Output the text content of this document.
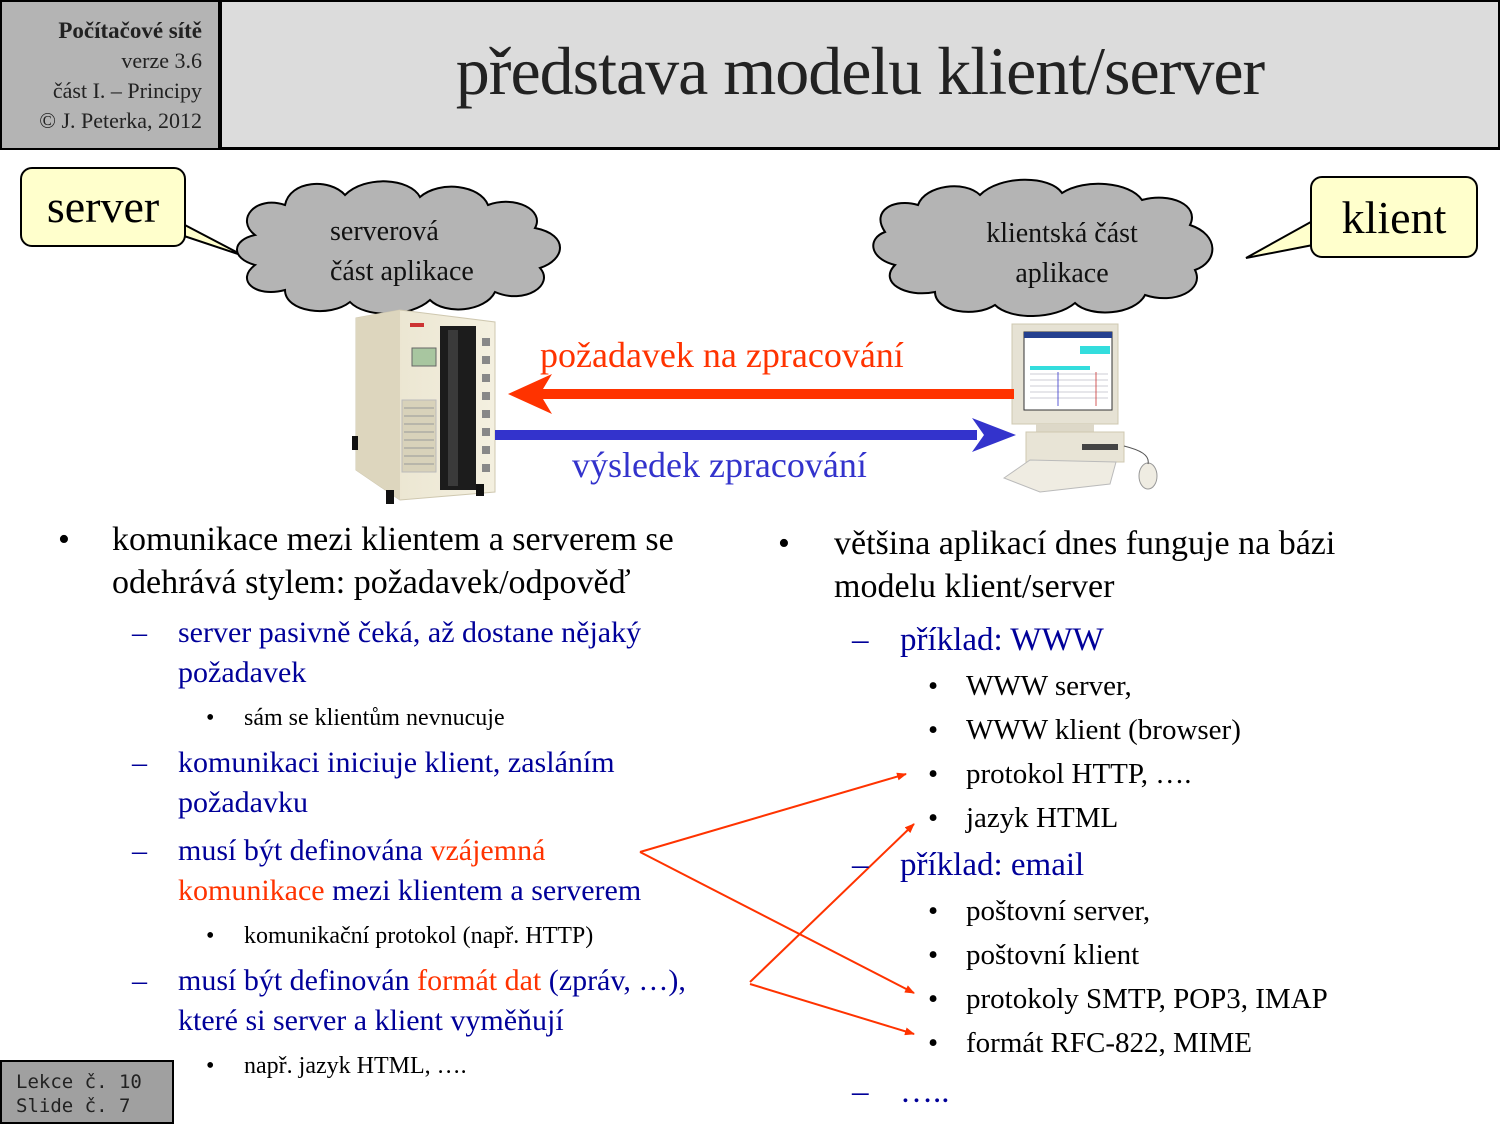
Počítačové sítě
verze 3.6
část I. – Principy
© J. Peterka, 2012
představa modelu klient/server
server	klient
serverová
část aplikace
klientská část
aplikace
požadavek na zpracování
výsledek zpracování
• komunikace mezi klientem a serverem se
odehrává stylem: požadavek/odpověď
– server pasivně čeká, až dostane nějaký
požadavek
• sám se klientům nevnucuje
– komunikaci iniciuje klient, zasláním
požadavku
– musí být definována vzájemná
komunikace mezi klientem a serverem
• komunikační protokol (např. HTTP)
– musí být definován formát dat (zpráv, …),
které si server a klient vyměňují
• např. jazyk HTML, ….
• většina aplikací dnes funguje na bázi
modelu klient/server
– příklad: WWW
• WWW server,
• WWW klient (browser)
• protokol HTTP, ….
• jazyk HTML
– příklad: email
• poštovní server,
• poštovní klient
• protokoly SMTP, POP3, IMAP
• formát RFC-822, MIME
– …..
Lekce č. 10
Slide č. 7
